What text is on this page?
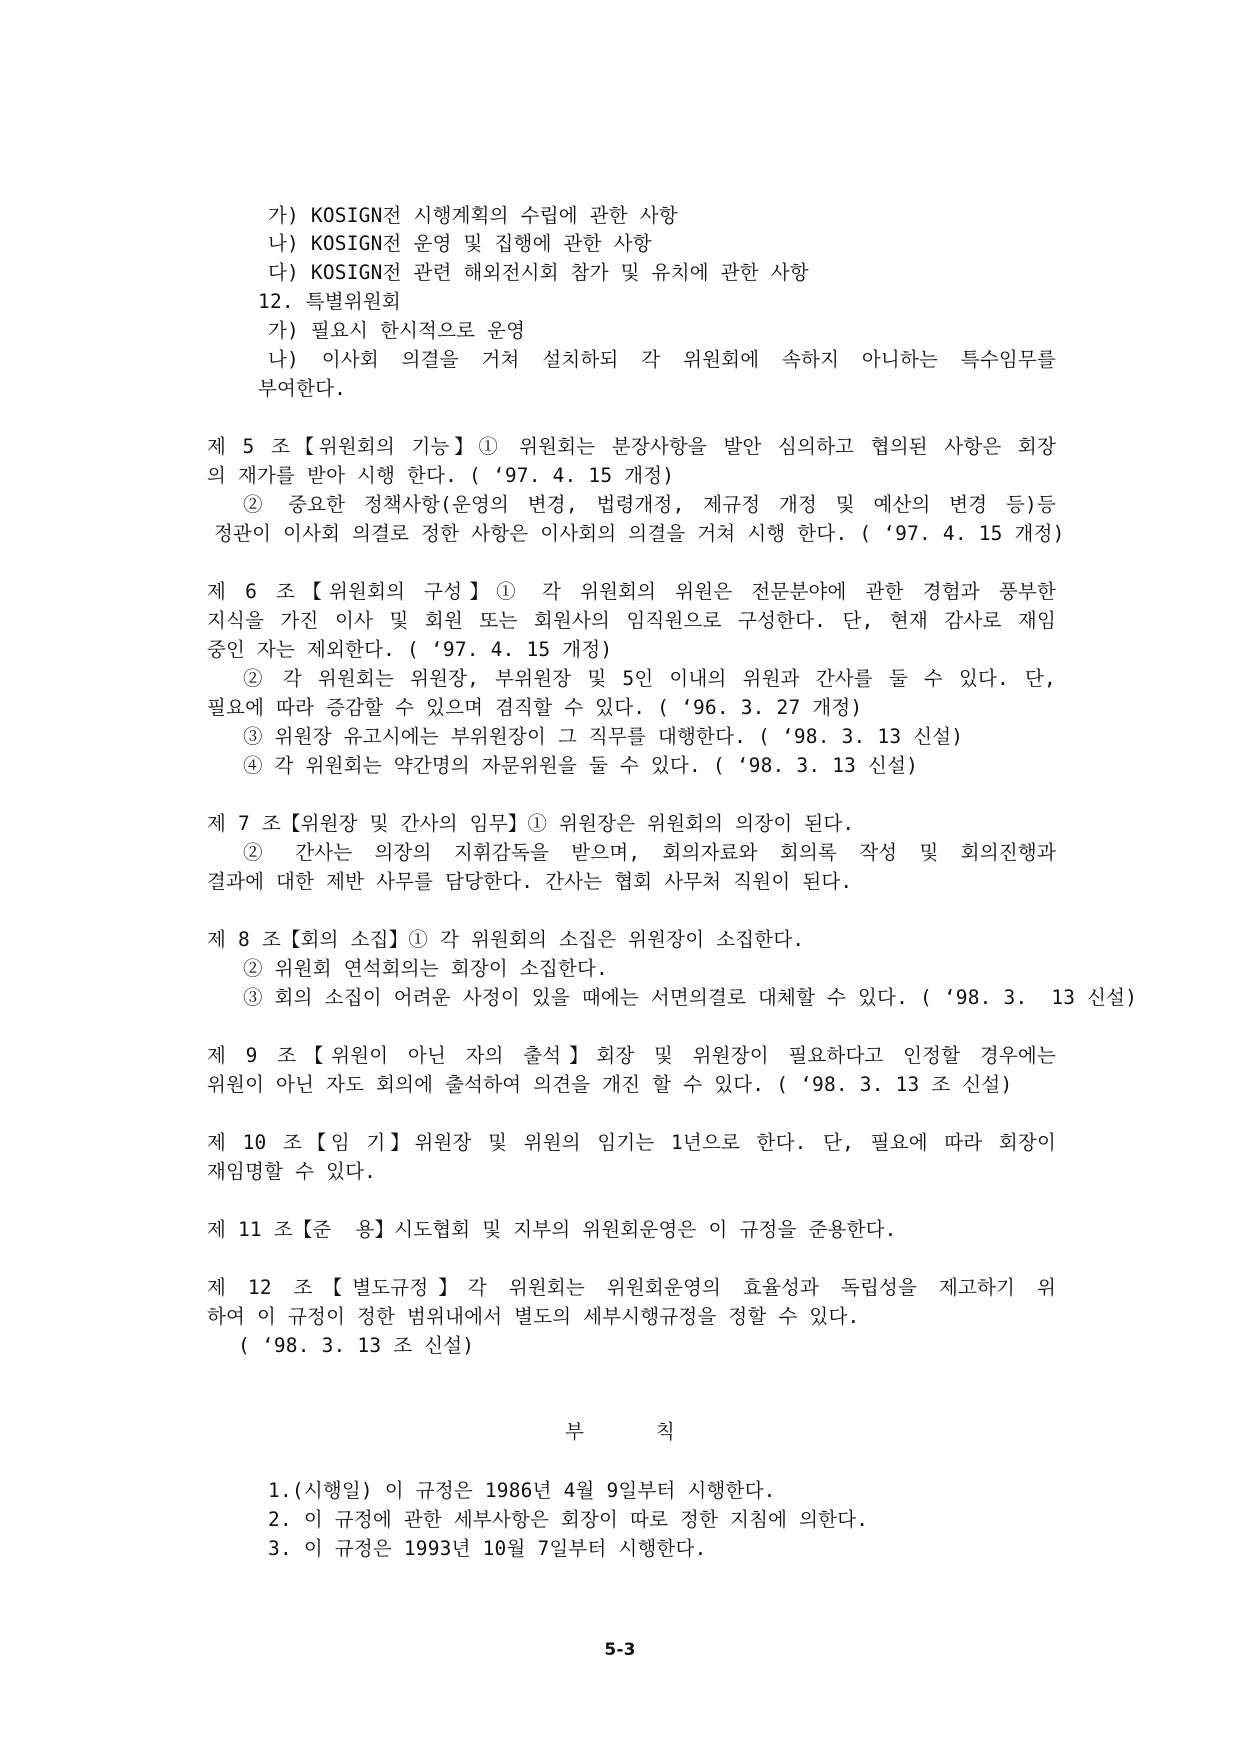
가) KOSIGN전 시행계획의 수립에 관한 사항
나) KOSIGN전 운영 및 집행에 관한 사항
다) KOSIGN전 관련 해외전시회 참가 및 유치에 관한 사항
12. 특별위원회
가) 필요시 한시적으로 운영
나) 이사회 의결을 거쳐 설치하되 각 위원회에 속하지 아니하는 특수임무를
부여한다.
제 5 조【위원회의 기능】① 위원회는 분장사항을 발안 심의하고 협의된 사항은 회장
의 재가를 받아 시행 한다. ( ‘97. 4. 15 개정)
② 중요한 정책사항(운영의 변경, 법령개정, 제규정 개정 및 예산의 변경 등)등
정관이 이사회 의결로 정한 사항은 이사회의 의결을 거쳐 시행 한다. ( ‘97. 4. 15 개정)
제 6 조【위원회의 구성】① 각 위원회의 위원은 전문분야에 관한 경험과 풍부한
지식을 가진 이사 및 회원 또는 회원사의 임직원으로 구성한다. 단, 현재 감사로 재임
중인 자는 제외한다. ( ‘97. 4. 15 개정)
② 각 위원회는 위원장, 부위원장 및 5인 이내의 위원과 간사를 둘 수 있다. 단,
필요에 따라 증감할 수 있으며 겸직할 수 있다. ( ‘96. 3. 27 개정)
③ 위원장 유고시에는 부위원장이 그 직무를 대행한다. ( ‘98. 3. 13 신설)
④ 각 위원회는 약간명의 자문위원을 둘 수 있다. ( ‘98. 3. 13 신설)
제 7 조【위원장 및 간사의 임무】① 위원장은 위원회의 의장이 된다.
② 간사는 의장의 지휘감독을 받으며, 회의자료와 회의록 작성 및 회의진행과
결과에 대한 제반 사무를 담당한다. 간사는 협회 사무처 직원이 된다.
제 8 조【회의 소집】① 각 위원회의 소집은 위원장이 소집한다.
② 위원회 연석회의는 회장이 소집한다.
③ 회의 소집이 어려운 사정이 있을 때에는 서면의결로 대체할 수 있다. ( ‘98. 3.  13 신설)
제 9 조【위원이 아닌 자의 출석】회장 및 위원장이 필요하다고 인정할 경우에는
위원이 아닌 자도 회의에 출석하여 의견을 개진 할 수 있다. ( ‘98. 3. 13 조 신설)
제 10 조【임 기】위원장 및 위원의 임기는 1년으로 한다. 단, 필요에 따라 회장이
재임명할 수 있다.
제 11 조【준  용】시도협회 및 지부의 위원회운영은 이 규정을 준용한다.
제 12 조【별도규정】각 위원회는 위원회운영의 효율성과 독립성을 제고하기 위
하여 이 규정이 정한 범위내에서 별도의 세부시행규정을 정할 수 있다.
( ‘98. 3. 13 조 신설)
부      칙
1.(시행일) 이 규정은 1986년 4월 9일부터 시행한다.
2. 이 규정에 관한 세부사항은 회장이 따로 정한 지침에 의한다.
3. 이 규정은 1993년 10월 7일부터 시행한다.
5-3
